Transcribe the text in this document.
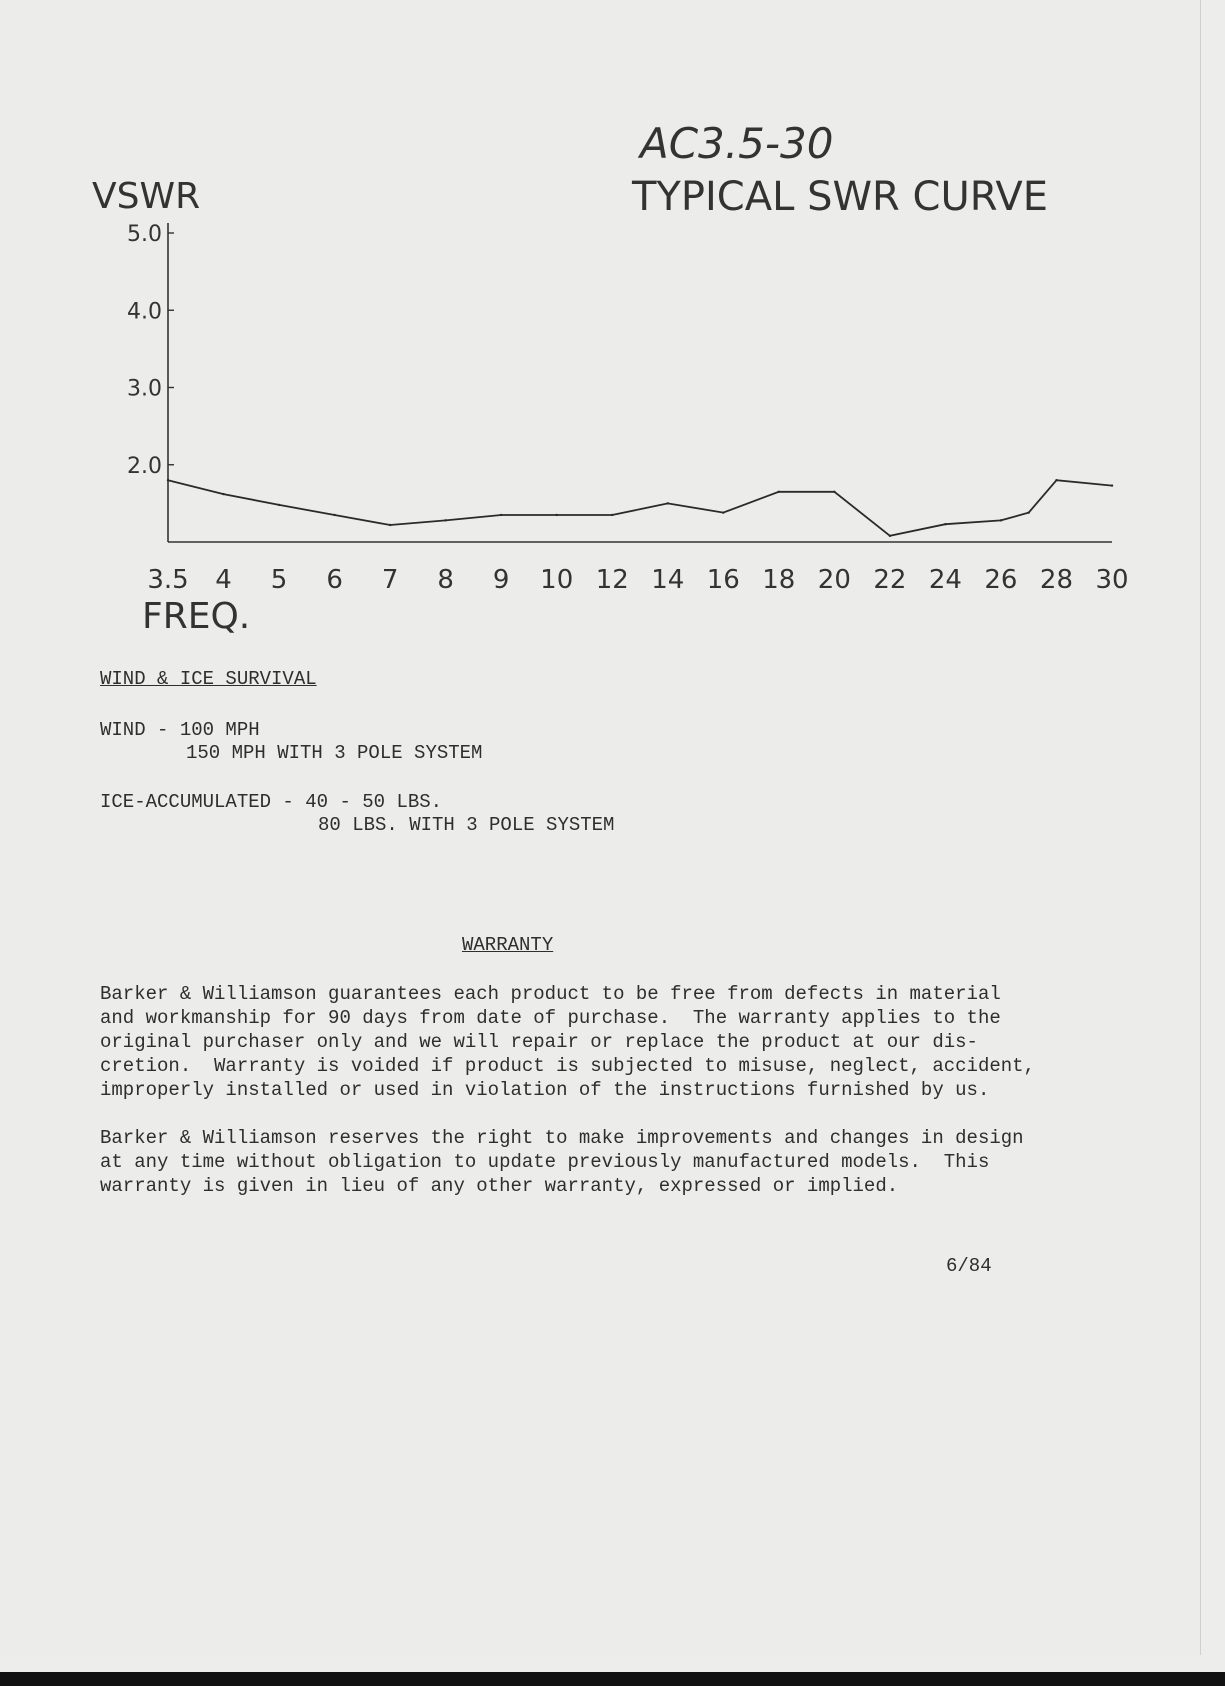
AC3.5-30
TYPICAL SWR CURVE
VSWR
FREQ.
5.0
4.0
3.0
2.0
3.5 4 5 6 7 8 9 10 12 14 16 18 20 22 24 26 28 30
WIND & ICE SURVIVAL
WIND - 100 MPH
150 MPH WITH 3 POLE SYSTEM
ICE-ACCUMULATED - 40 - 50 LBS.
80 LBS. WITH 3 POLE SYSTEM
WARRANTY
Barker & Williamson guarantees each product to be free from defects in material
and workmanship for 90 days from date of purchase.  The warranty applies to the
original purchaser only and we will repair or replace the product at our dis-
cretion.  Warranty is voided if product is subjected to misuse, neglect, accident,
improperly installed or used in violation of the instructions furnished by us.
Barker & Williamson reserves the right to make improvements and changes in design
at any time without obligation to update previously manufactured models.  This
warranty is given in lieu of any other warranty, expressed or implied.
6/84
